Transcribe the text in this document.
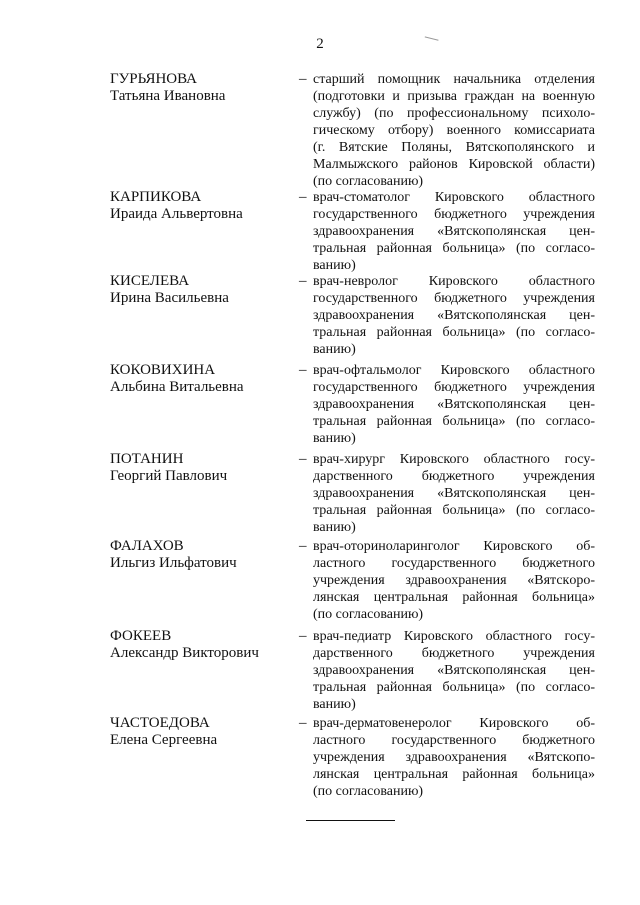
2
ГУРЬЯНОВА
Татьяна Ивановна
– старший помощник начальника отделения
(подготовки и призыва граждан на военную
службу) (по профессиональному психоло-
гическому отбору) военного комиссариата
(г. Вятские Поляны, Вятскополянского и
Малмыжского районов Кировской области)
(по согласованию)
КАРПИКОВА
Ираида Альвертовна
– врач-стоматолог Кировского областного
государственного бюджетного учреждения
здравоохранения «Вятскополянская цен-
тральная районная больница» (по согласо-
ванию)
КИСЕЛЕВА
Ирина Васильевна
– врач-невролог Кировского областного
государственного бюджетного учреждения
здравоохранения «Вятскополянская цен-
тральная районная больница» (по согласо-
ванию)
КОКОВИХИНА
Альбина Витальевна
– врач-офтальмолог Кировского областного
государственного бюджетного учреждения
здравоохранения «Вятскополянская цен-
тральная районная больница» (по согласо-
ванию)
ПОТАНИН
Георгий Павлович
– врач-хирург Кировского областного госу-
дарственного бюджетного учреждения
здравоохранения «Вятскополянская цен-
тральная районная больница» (по согласо-
ванию)
ФАЛАХОВ
Ильгиз Ильфатович
– врач-оториноларинголог Кировского об-
ластного государственного бюджетного
учреждения здравоохранения «Вятскopo-
лянская центральная районная больница»
(по согласованию)
ФОКЕЕВ
Александр Викторович
– врач-педиатр Кировского областного госу-
дарственного бюджетного учреждения
здравоохранения «Вятскополянская цен-
тральная районная больница» (по согласо-
ванию)
ЧАСТОЕДОВА
Елена Сергеевна
– врач-дерматовенеролог Кировского об-
ластного государственного бюджетного
учреждения здравоохранения «Вятскопо-
лянская центральная районная больница»
(по согласованию)
